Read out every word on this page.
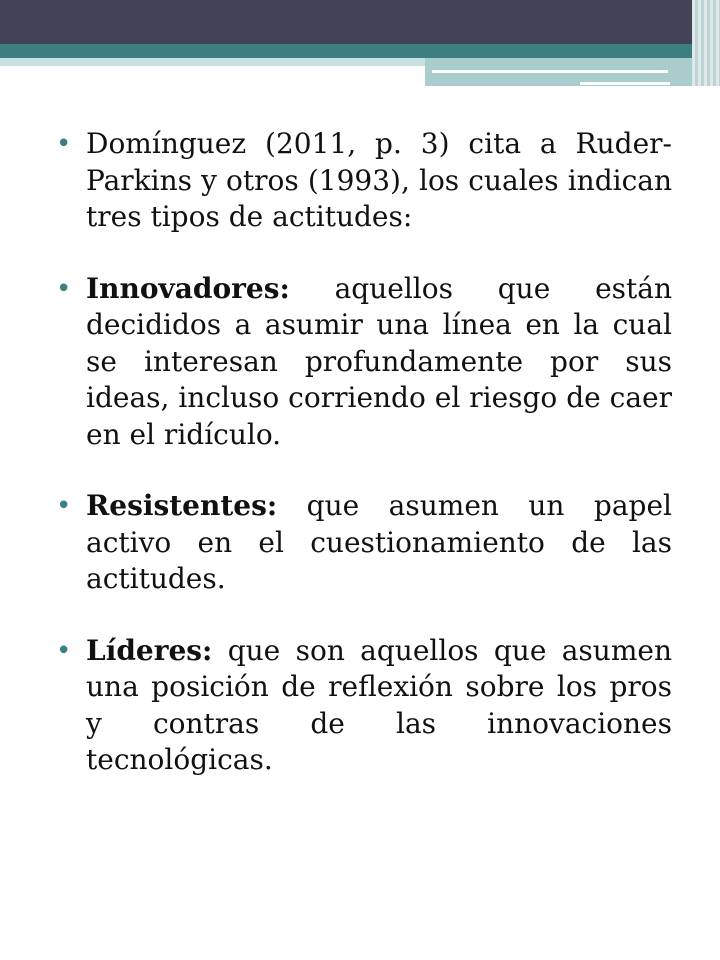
• Domínguez (2011, p. 3) cita a Ruder-Parkins y otros (1993), los cuales indican tres tipos de actitudes:
• Innovadores: aquellos que están decididos a asumir una línea en la cual se interesan profundamente por sus ideas, incluso corriendo el riesgo de caer en el ridículo.
• Resistentes: que asumen un papel activo en el cuestionamiento de las actitudes.
• Líderes: que son aquellos que asumen una posición de reflexión sobre los pros y contras de las innovaciones tecnológicas.
